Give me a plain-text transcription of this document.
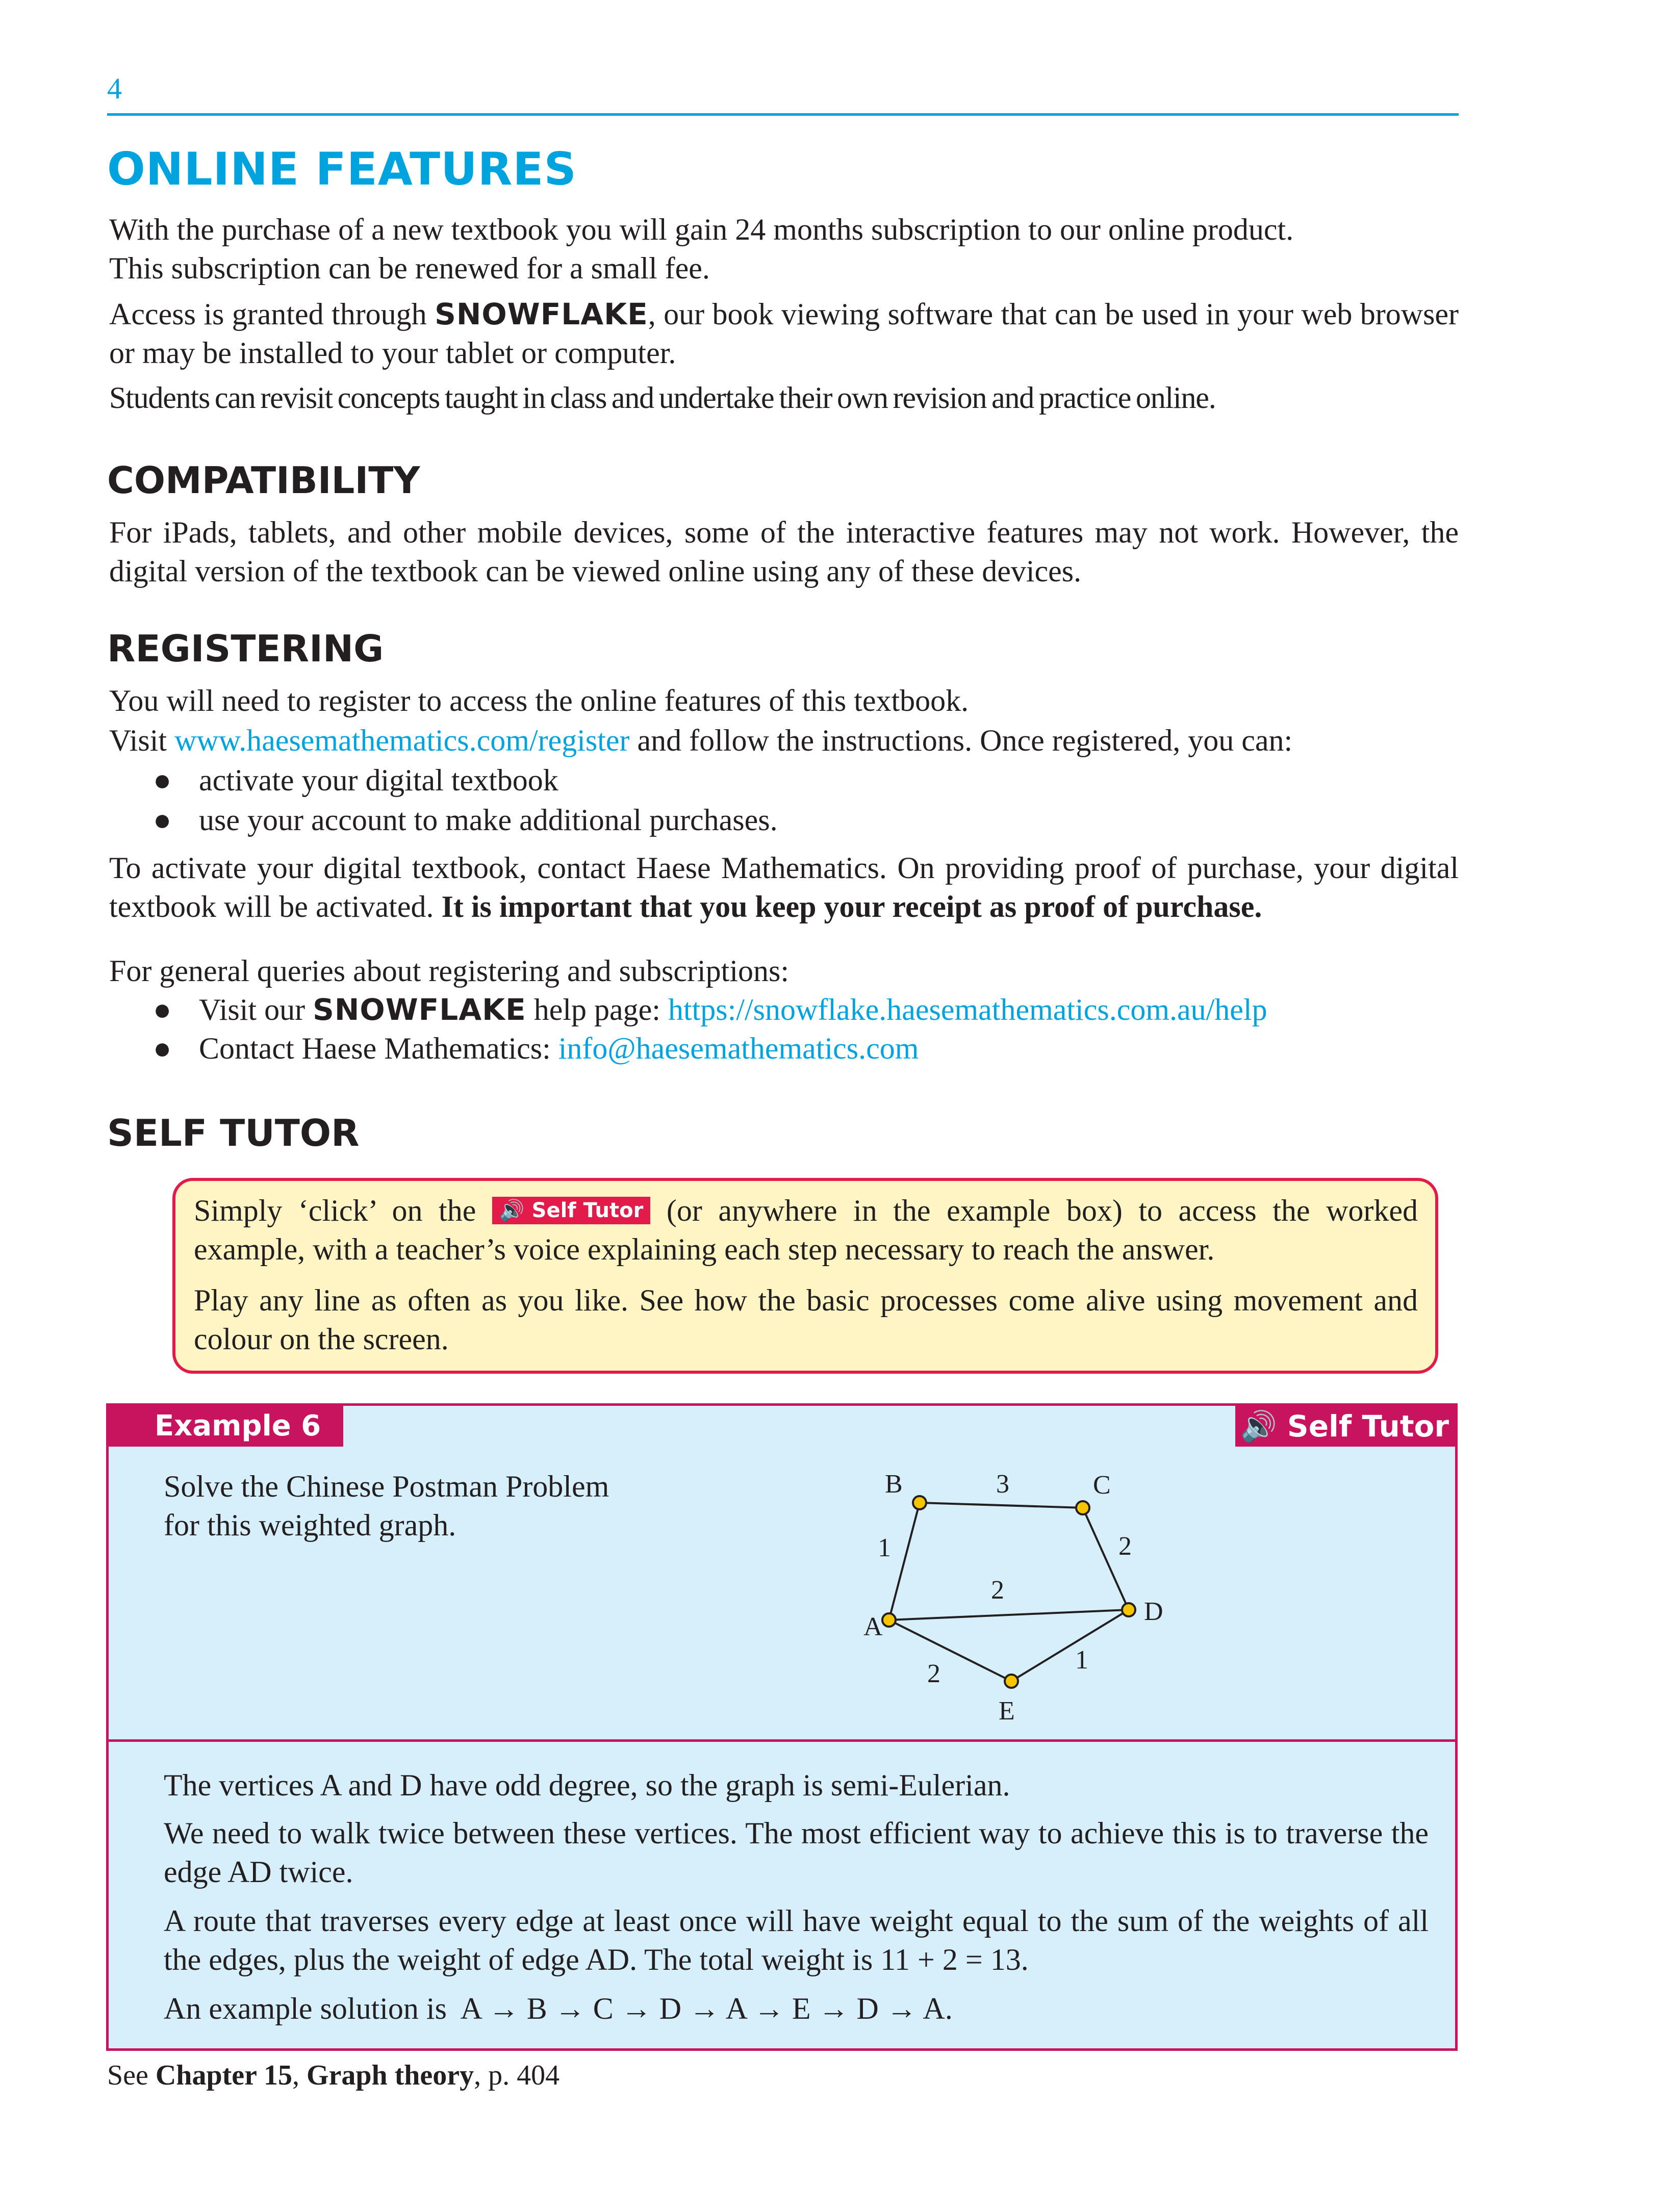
4
ONLINE FEATURES

With the purchase of a new textbook you will gain 24 months subscription to our online product.
This subscription can be renewed for a small fee.

Access is granted through SNOWFLAKE, our book viewing software that can be used in your web browser or may be installed to your tablet or computer.

Students can revisit concepts taught in class and undertake their own revision and practice online.

COMPATIBILITY

For iPads, tablets, and other mobile devices, some of the interactive features may not work. However, the digital version of the textbook can be viewed online using any of these devices.

REGISTERING

You will need to register to access the online features of this textbook.

Visit www.haesemathematics.com/register and follow the instructions. Once registered, you can:

● activate your digital textbook
● use your account to make additional purchases.

To activate your digital textbook, contact Haese Mathematics. On providing proof of purchase, your digital textbook will be activated. It is important that you keep your receipt as proof of purchase.

For general queries about registering and subscriptions:

● Visit our SNOWFLAKE help page: https://snowflake.haesemathematics.com.au/help
● Contact Haese Mathematics: info@haesemathematics.com
SELF TUTOR

Simply ‘click’ on the 🔊 Self Tutor (or anywhere in the example box) to access the worked example, with a teacher’s voice explaining each step necessary to reach the answer.

Play any line as often as you like. See how the basic processes come alive using movement and colour on the screen.

Example 6	🔊 Self Tutor

Solve the Chinese Postman Problem
for this weighted graph.

3
1	2
2
2	1
A
B	C
D
E

The vertices A and D have odd degree, so the graph is semi-Eulerian.

We need to walk twice between these vertices. The most efficient way to achieve this is to traverse the edge AD twice.

A route that traverses every edge at least once will have weight equal to the sum of the weights of all the edges, plus the weight of edge AD. The total weight is 11 + 2 = 13.

An example solution is A → B → C → D → A → E → D → A.

See Chapter 15, Graph theory, p. 404
